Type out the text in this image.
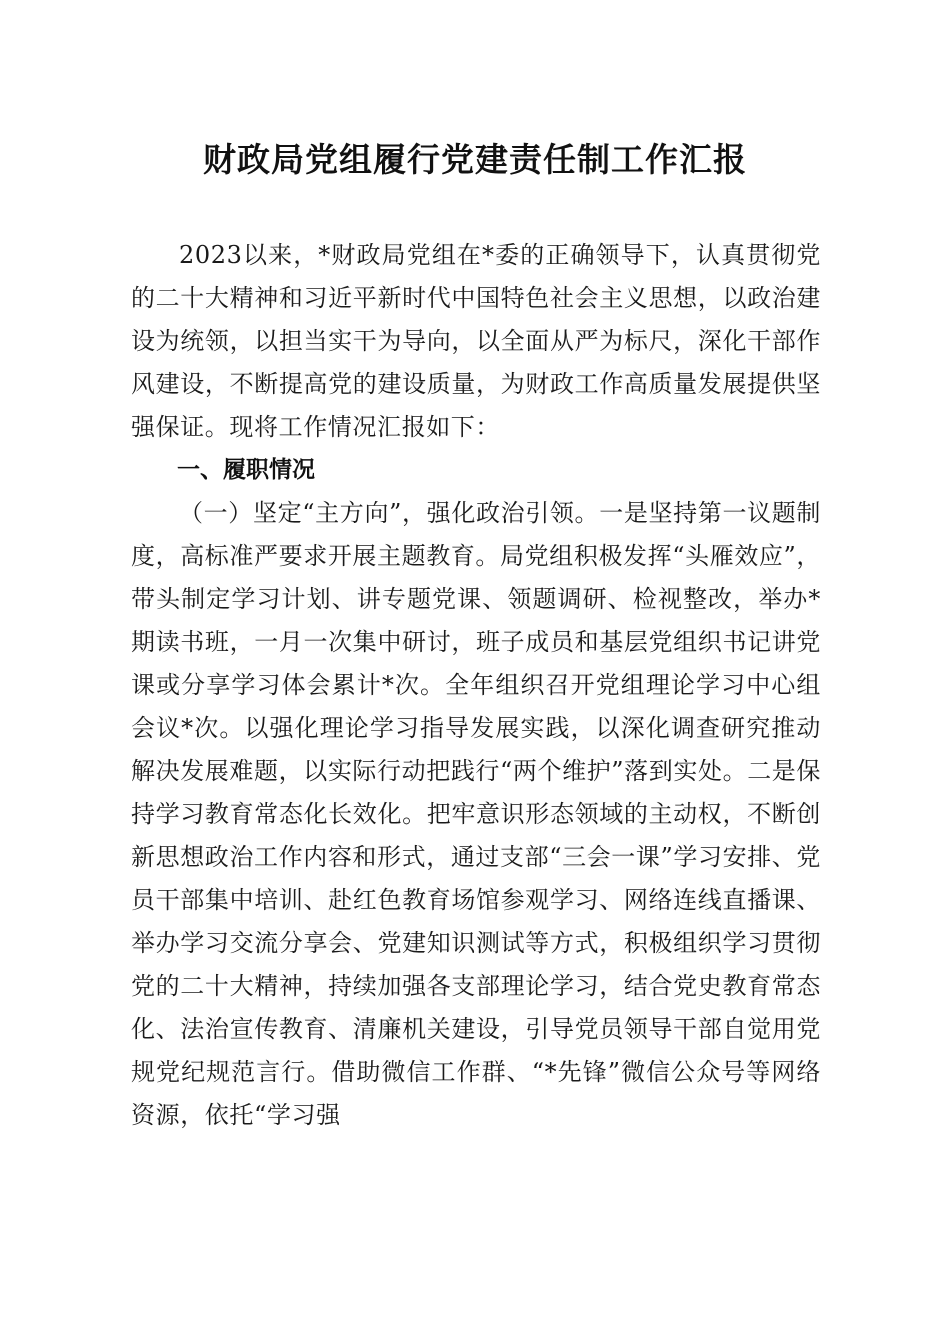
财政局党组履行党建责任制工作汇报

2023以来，*财政局党组在*委的正确领导下，认真贯彻党的二十大精神和习近平新时代中国特色社会主义思想，以政治建设为统领，以担当实干为导向，以全面从严为标尺，深化干部作风建设，不断提高党的建设质量，为财政工作高质量发展提供坚强保证。现将工作情况汇报如下：

一、履职情况

（一）坚定“主方向”，强化政治引领。一是坚持第一议题制度，高标准严要求开展主题教育。局党组积极发挥“头雁效应”，带头制定学习计划、讲专题党课、领题调研、检视整改，举办*期读书班，一月一次集中研讨，班子成员和基层党组织书记讲党课或分享学习体会累计*次。全年组织召开党组理论学习中心组会议*次。以强化理论学习指导发展实践，以深化调查研究推动解决发展难题，以实际行动把践行“两个维护”落到实处。二是保持学习教育常态化长效化。把牢意识形态领域的主动权，不断创新思想政治工作内容和形式，通过支部“三会一课”学习安排、党员干部集中培训、赴红色教育场馆参观学习、网络连线直播课、举办学习交流分享会、党建知识测试等方式，积极组织学习贯彻党的二十大精神，持续加强各支部理论学习，结合党史教育常态化、法治宣传教育、清廉机关建设，引导党员领导干部自觉用党规党纪规范言行。借助微信工作群、“*先锋”微信公众号等网络资源，依托“学习强
